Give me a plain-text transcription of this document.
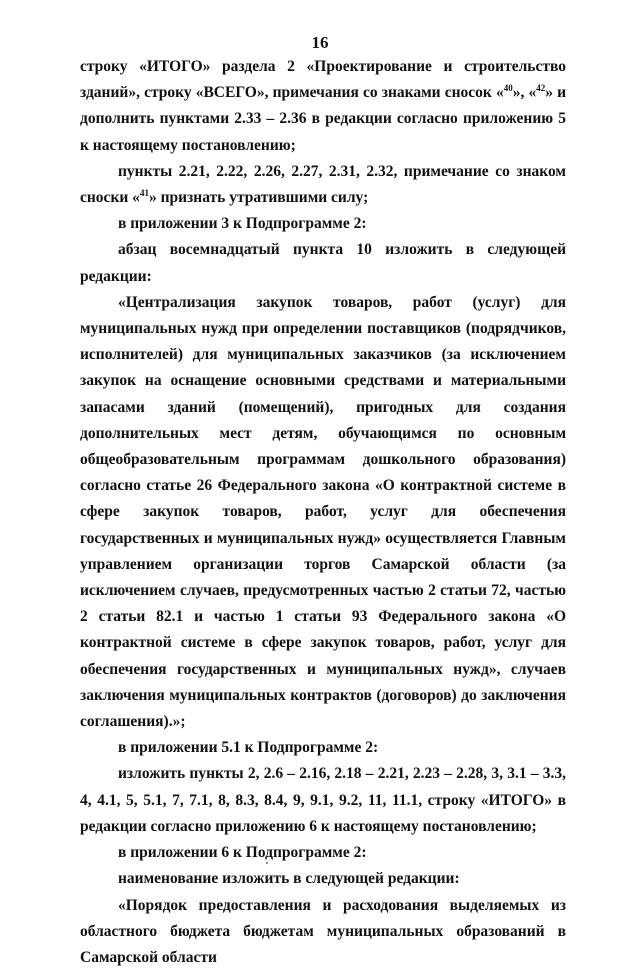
16

строку «ИТОГО» раздела 2 «Проектирование и строительство зданий», строку «ВСЕГО», примечания со знаками сносок «$^{40}$», «$^{42}$» и дополнить пунктами 2.33 – 2.36 в редакции согласно приложению 5 к настоящему постановлению;

пункты 2.21, 2.22, 2.26, 2.27, 2.31, 2.32, примечание со знаком сноски «$^{41}$» признать утратившими силу;

в приложении 3 к Подпрограмме 2:

абзац восемнадцатый пункта 10 изложить в следующей редакции:

«Централизация закупок товаров, работ (услуг) для муниципальных нужд при определении поставщиков (подрядчиков, исполнителей) для муниципальных заказчиков (за исключением закупок на оснащение основными средствами и материальными запасами зданий (помещений), пригодных для создания дополнительных мест детям, обучающимся по основным общеобразовательным программам дошкольного образования) согласно статье 26 Федерального закона «О контрактной системе в сфере закупок товаров, работ, услуг для обеспечения государственных и муниципальных нужд» осуществляется Главным управлением организации торгов Самарской области (за исключением случаев, предусмотренных частью 2 статьи 72, частью 2 статьи 82.1 и частью 1 статьи 93 Федерального закона «О контрактной системе в сфере закупок товаров, работ, услуг для обеспечения государственных и муниципальных нужд», случаев заключения муниципальных контрактов (договоров) до заключения соглашения).»;

в приложении 5.1 к Подпрограмме 2:

изложить пункты 2, 2.6 – 2.16, 2.18 – 2.21, 2.23 – 2.28, 3, 3.1 – 3.3, 4, 4.1, 5, 5.1, 7, 7.1, 8, 8.3, 8.4, 9, 9.1, 9.2, 11, 11.1, строку «ИТОГО» в редакции согласно приложению 6 к настоящему постановлению;

в приложении 6 к Подпрограмме 2:

наименование изложить в следующей редакции:

«Порядок предоставления и расходования выделяемых из областного бюджета бюджетам муниципальных образований в Самарской области
